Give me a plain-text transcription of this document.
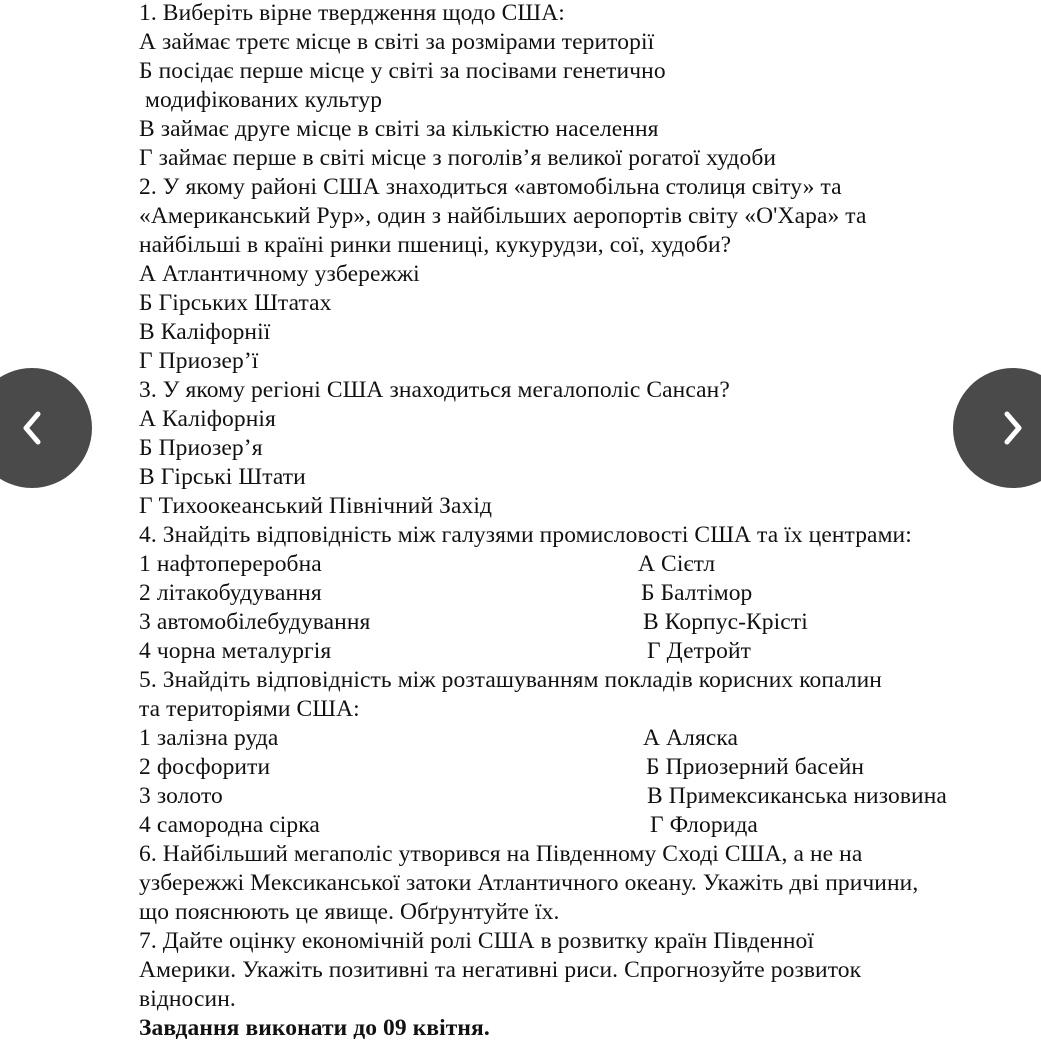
1. Виберіть вірне твердження щодо США:

А займає третє місце в світі за розмірами території

Б посідає перше місце у світі за посівами генетично

модифікованих культур

В займає друге місце в світі за кількістю населення

Г займає перше в світі місце з поголів’я великої рогатої худоби

2. У якому районі США знаходиться «автомобільна столиця світу» та

«Американський Рур», один з найбільших аеропортів світу «О'Хара» та

найбільші в країні ринки пшениці, кукурудзи, сої, худоби?

А Атлантичному узбережжі

Б Гірських Штатах

В Каліфорнії

Г Приозер’ї

3. У якому регіоні США знаходиться мегалополіс Сансан?

А Каліфорнія

Б Приозер’я

В Гірські Штати

Г Тихоокеанський Північний Захід

4. Знайдіть відповідність між галузями промисловості США та їх центрами:

1 нафтопереробна	А Сієтл

2 літакобудування	Б Балтімор

3 автомобілебудування	В Корпус-Крісті

4 чорна металургія	Г Детройт

5. Знайдіть відповідність між розташуванням покладів корисних копалин

та територіями США:

1 залізна руда	А Аляска

2 фосфорити	Б Приозерний басейн

3 золото	В Примексиканська низовина

4 самородна сірка	Г Флорида

6. Найбільший мегаполіс утворився на Південному Сході США, а не на

узбережжі Мексиканської затоки Атлантичного океану. Укажіть дві причини,

що пояснюють це явище. Обґрунтуйте їх.

7. Дайте оцінку економічній ролі США в розвитку країн Південної

Америки. Укажіть позитивні та негативні риси. Спрогнозуйте розвиток

відносин.

Завдання виконати до 09 квітня.
